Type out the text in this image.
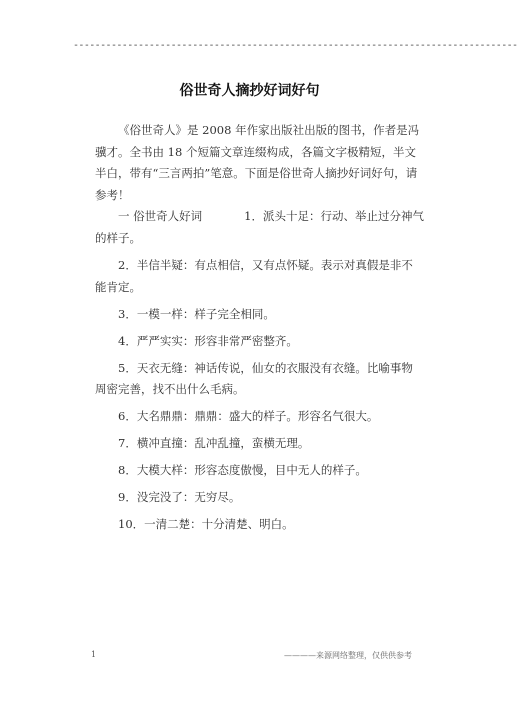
----------------------------------------------------------------------------------
俗世奇人摘抄好词好句

《俗世奇人》是 2008 年作家出版社出版的图书，作者是冯骥才。全书由 18 个短篇文章连缀构成，各篇文字极精短，半文半白，带有“三言两拍”笔意。下面是俗世奇人摘抄好词好句，请参考！

一 俗世奇人好词	1．派头十足：行动、举止过分神气的样子。

2．半信半疑：有点相信，又有点怀疑。表示对真假是非不能肯定。

3．一模一样：样子完全相同。

4．严严实实：形容非常严密整齐。

5．天衣无缝：神话传说，仙女的衣服没有衣缝。比喻事物周密完善，找不出什么毛病。

6．大名鼎鼎：鼎鼎：盛大的样子。形容名气很大。

7．横冲直撞：乱冲乱撞，蛮横无理。

8．大模大样：形容态度傲慢，目中无人的样子。

9．没完没了：无穷尽。

10．一清二楚：十分清楚、明白。

1	————来源网络整理，仅供供参考
